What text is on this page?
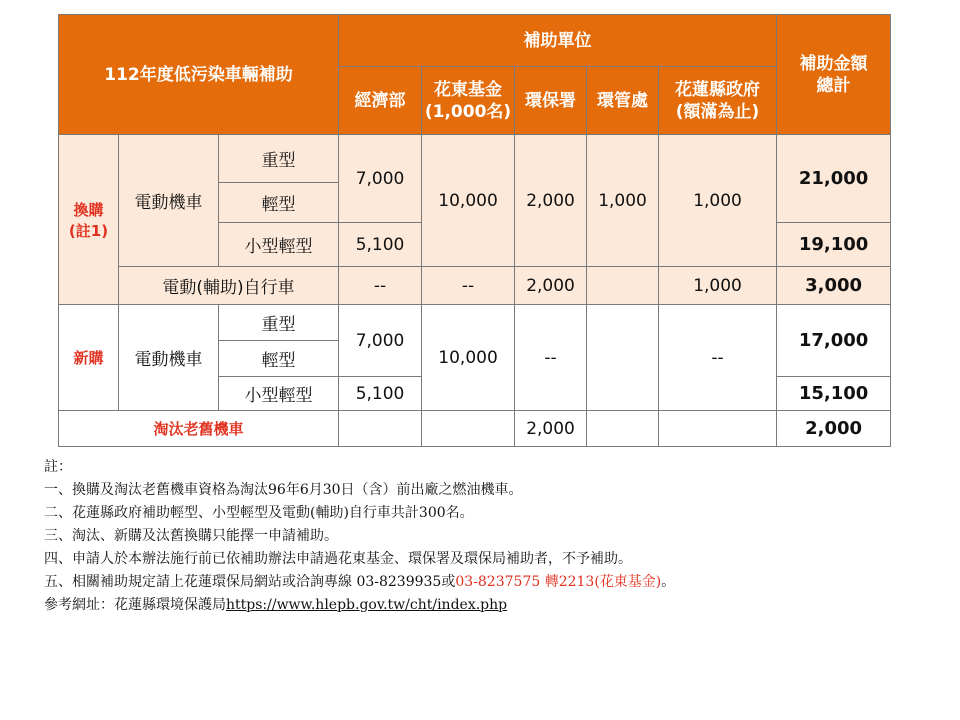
112年度低污染車輛補助			補助單位					補助金額
總計
			經濟部	花東基金
(1,000名)	環保署	環管處	花蓮縣政府
(額滿為止)	
換購
(註1)	電動機車	重型	7,000	10,000	2,000	1,000	1,000	21,000
		輕型						
		小型輕型	5,100					19,100
	電動(輔助)自行車		--	--	2,000		1,000	3,000
新購	電動機車	重型	7,000	10,000	--		--	17,000
		輕型						
		小型輕型	5,100					15,100
淘汰老舊機車					2,000			2,000
註：
一、換購及淘汰老舊機車資格為淘汰96年6月30日（含）前出廠之燃油機車。
二、花蓮縣政府補助輕型、小型輕型及電動(輔助)自行車共計300名。
三、淘汰、新購及汰舊換購只能擇一申請補助。
四、申請人於本辦法施行前已依補助辦法申請過花東基金、環保署及環保局補助者，不予補助。
五、相關補助規定請上花蓮環保局網站或洽詢專線 03-8239935或03-8237575 轉2213(花東基金)。
參考網址：花蓮縣環境保護局https://www.hlepb.gov.tw/cht/index.php
